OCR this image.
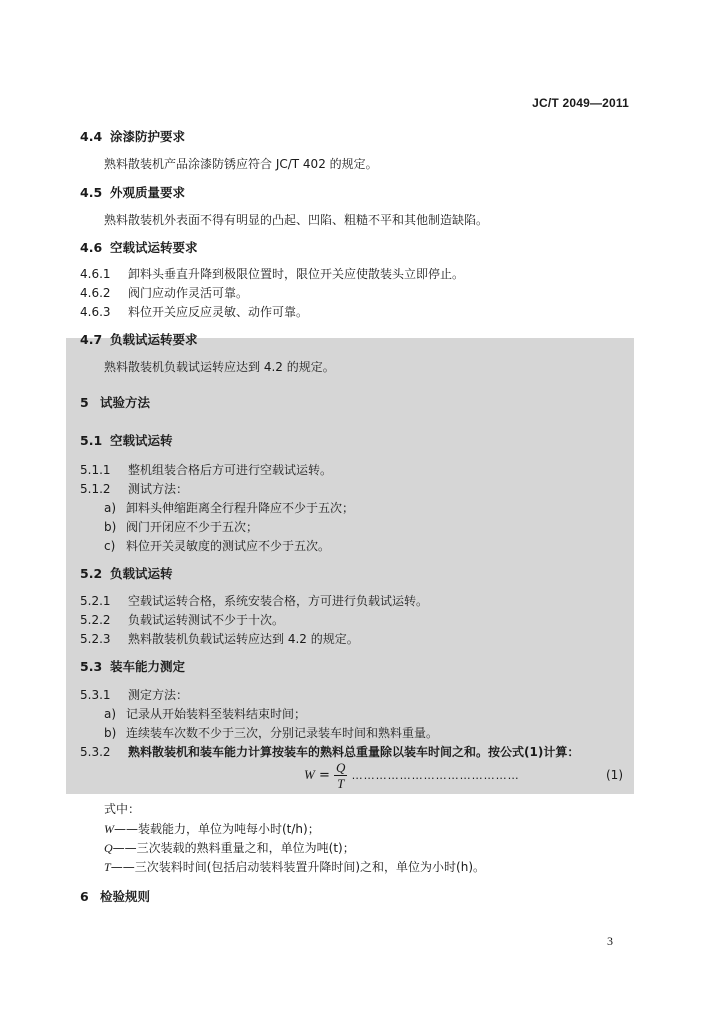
JC/T 2049—2011
4.4 涂漆防护要求
熟料散装机产品涂漆防锈应符合 JC/T 402 的规定。
4.5 外观质量要求
熟料散装机外表面不得有明显的凸起、凹陷、粗糙不平和其他制造缺陷。
4.6 空载试运转要求
4.6.1 卸料头垂直升降到极限位置时，限位开关应使散装头立即停止。
4.6.2 阀门应动作灵活可靠。
4.6.3 料位开关应反应灵敏、动作可靠。
4.7 负载试运转要求
熟料散装机负载试运转应达到 4.2 的规定。
5 试验方法
5.1 空载试运转
5.1.1 整机组装合格后方可进行空载试运转。
5.1.2 测试方法：
a) 卸料头伸缩距离全行程升降应不少于五次；
b) 阀门开闭应不少于五次；
c) 料位开关灵敏度的测试应不少于五次。
5.2 负载试运转
5.2.1 空载试运转合格，系统安装合格，方可进行负载试运转。
5.2.2 负载试运转测试不少于十次。
5.2.3 熟料散装机负载试运转应达到 4.2 的规定。
5.3 装车能力测定
5.3.1 测定方法：
a) 记录从开始装料至装料结束时间；
b) 连续装车次数不少于三次，分别记录装车时间和熟料重量。
5.3.2 熟料散装机和装车能力计算按装车的熟料总重量除以装车时间之和。按公式(1)计算：
$W = \frac{Q}{T}$ ……………………………………	(1)
式中：
W——装载能力，单位为吨每小时(t/h)；
Q——三次装载的熟料重量之和，单位为吨(t)；
T——三次装料时间(包括启动装料装置升降时间)之和，单位为小时(h)。
6 检验规则
3
